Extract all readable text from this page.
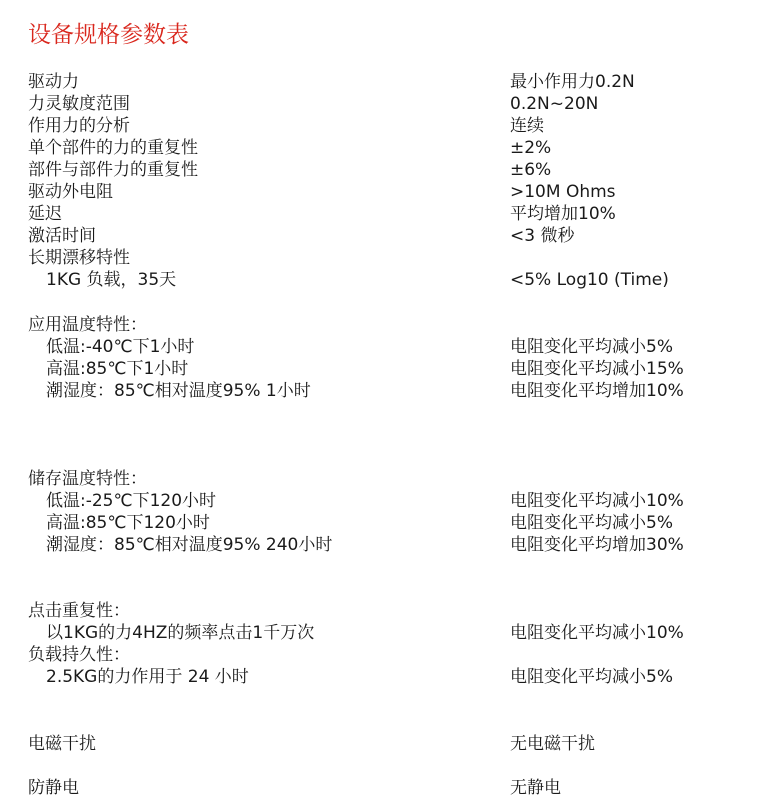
设备规格参数表
驱动力	最小作用力0.2N
力灵敏度范围	0.2N~20N
作用力的分析	连续
单个部件的力的重复性	±2%
部件与部件力的重复性	±6%
驱动外电阻	>10M Ohms
延迟	平均增加10%
激活时间	<3 微秒
长期漂移特性
1KG 负载，35天	<5% Log10 (Time)
应用温度特性：
低温:-40℃下1小时	电阻变化平均减小5%
高温:85℃下1小时	电阻变化平均减小15%
潮湿度：85℃相对温度95% 1小时	电阻变化平均增加10%
储存温度特性：
低温:-25℃下120小时	电阻变化平均减小10%
高温:85℃下120小时	电阻变化平均减小5%
潮湿度：85℃相对温度95% 240小时	电阻变化平均增加30%
点击重复性：
以1KG的力4HZ的频率点击1千万次	电阻变化平均减小10%
负载持久性：
2.5KG的力作用于 24 小时	电阻变化平均减小5%
电磁干扰	无电磁干扰
防静电	无静电
